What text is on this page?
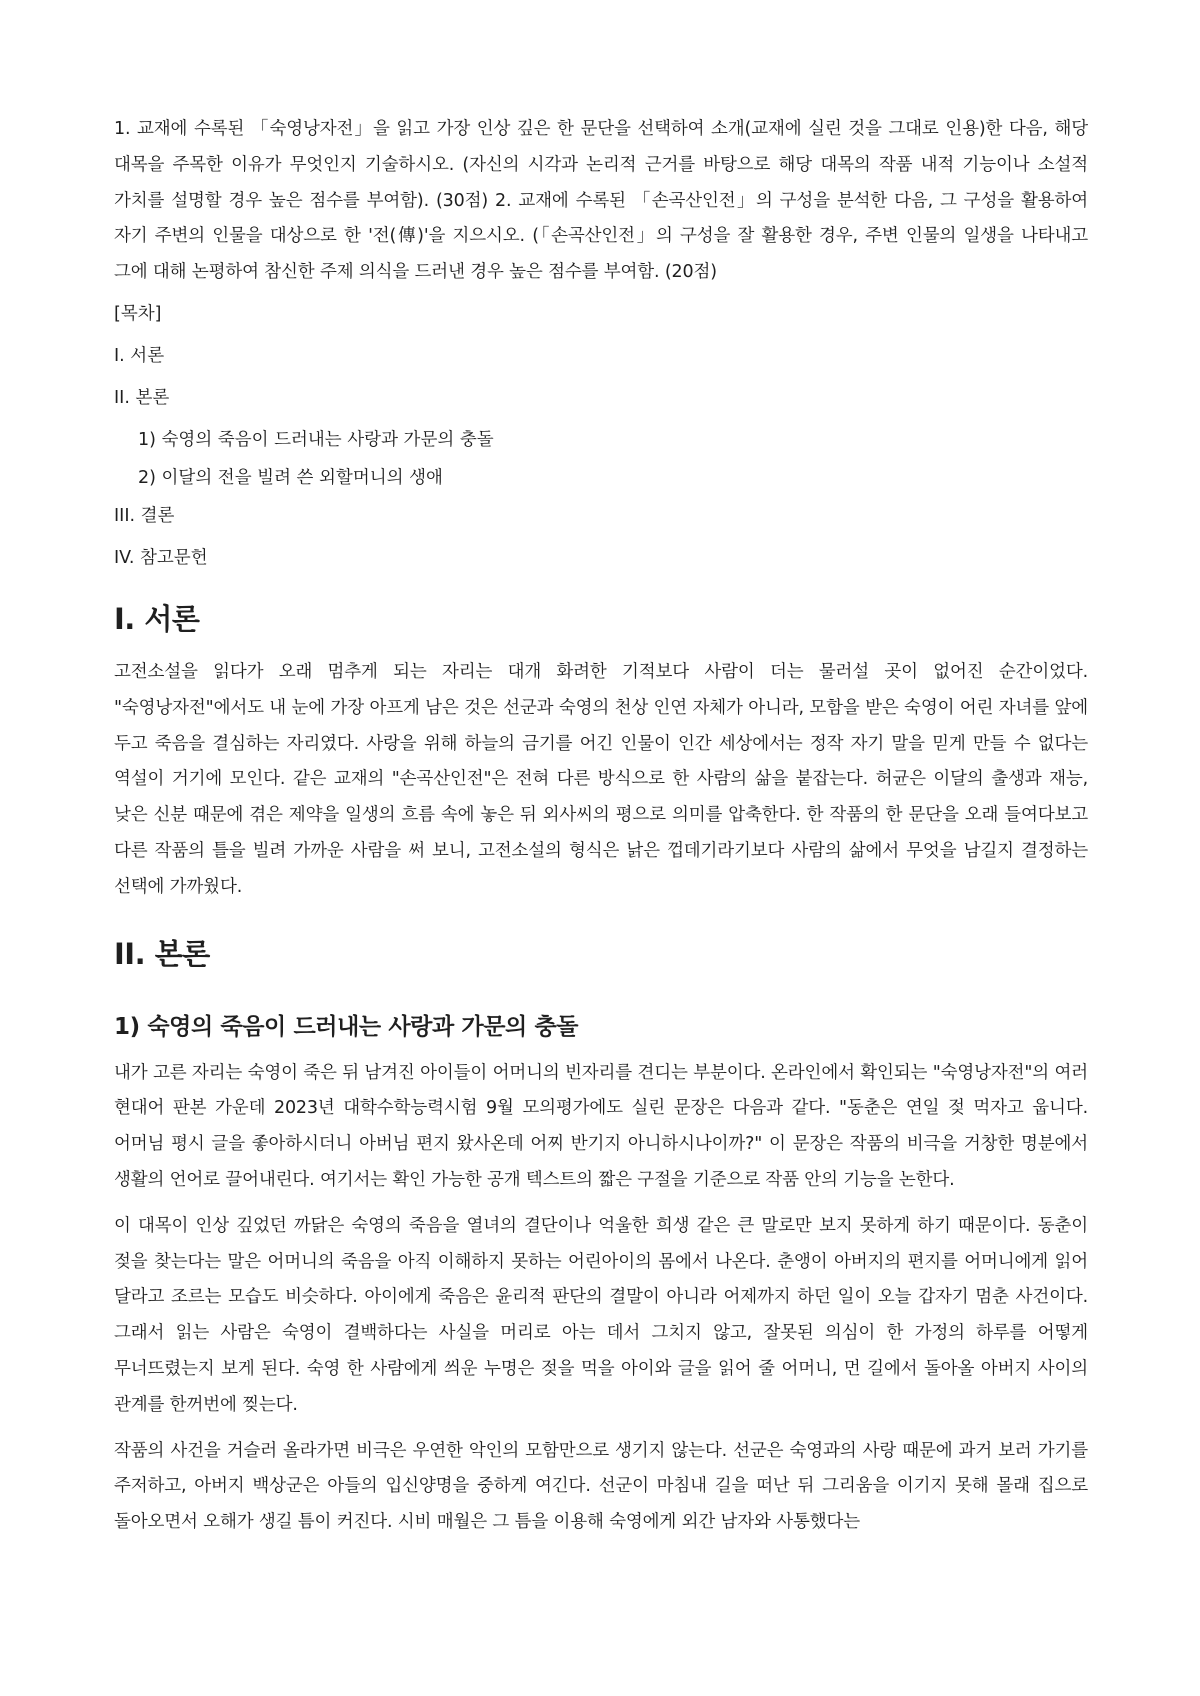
1. 교재에 수록된 「숙영낭자전」을 읽고 가장 인상 깊은 한 문단을 선택하여 소개(교재에 실린 것을 그대로 인용)한 다음, 해당 대목을 주목한 이유가 무엇인지 기술하시오. (자신의 시각과 논리적 근거를 바탕으로 해당 대목의 작품 내적 기능이나 소설적 가치를 설명할 경우 높은 점수를 부여함). (30점) 2. 교재에 수록된 「손곡산인전」의 구성을 분석한 다음, 그 구성을 활용하여 자기 주변의 인물을 대상으로 한 '전(傳)'을 지으시오. (「손곡산인전」의 구성을 잘 활용한 경우, 주변 인물의 일생을 나타내고 그에 대해 논평하여 참신한 주제 의식을 드러낸 경우 높은 점수를 부여함. (20점)

[목차]
I. 서론
II. 본론
1) 숙영의 죽음이 드러내는 사랑과 가문의 충돌
2) 이달의 전을 빌려 쓴 외할머니의 생애
III. 결론
IV. 참고문헌
I. 서론

고전소설을 읽다가 오래 멈추게 되는 자리는 대개 화려한 기적보다 사람이 더는 물러설 곳이 없어진 순간이었다. "숙영낭자전"에서도 내 눈에 가장 아프게 남은 것은 선군과 숙영의 천상 인연 자체가 아니라, 모함을 받은 숙영이 어린 자녀를 앞에 두고 죽음을 결심하는 자리였다. 사랑을 위해 하늘의 금기를 어긴 인물이 인간 세상에서는 정작 자기 말을 믿게 만들 수 없다는 역설이 거기에 모인다. 같은 교재의 "손곡산인전"은 전혀 다른 방식으로 한 사람의 삶을 붙잡는다. 허균은 이달의 출생과 재능, 낮은 신분 때문에 겪은 제약을 일생의 흐름 속에 놓은 뒤 외사씨의 평으로 의미를 압축한다. 한 작품의 한 문단을 오래 들여다보고 다른 작품의 틀을 빌려 가까운 사람을 써 보니, 고전소설의 형식은 낡은 껍데기라기보다 사람의 삶에서 무엇을 남길지 결정하는 선택에 가까웠다.

II. 본론
1) 숙영의 죽음이 드러내는 사랑과 가문의 충돌

내가 고른 자리는 숙영이 죽은 뒤 남겨진 아이들이 어머니의 빈자리를 견디는 부분이다. 온라인에서 확인되는 "숙영낭자전"의 여러 현대어 판본 가운데 2023년 대학수학능력시험 9월 모의평가에도 실린 문장은 다음과 같다. "동춘은 연일 젖 먹자고 웁니다. 어머님 평시 글을 좋아하시더니 아버님 편지 왔사온데 어찌 반기지 아니하시나이까?" 이 문장은 작품의 비극을 거창한 명분에서 생활의 언어로 끌어내린다. 여기서는 확인 가능한 공개 텍스트의 짧은 구절을 기준으로 작품 안의 기능을 논한다.

이 대목이 인상 깊었던 까닭은 숙영의 죽음을 열녀의 결단이나 억울한 희생 같은 큰 말로만 보지 못하게 하기 때문이다. 동춘이 젖을 찾는다는 말은 어머니의 죽음을 아직 이해하지 못하는 어린아이의 몸에서 나온다. 춘앵이 아버지의 편지를 어머니에게 읽어 달라고 조르는 모습도 비슷하다. 아이에게 죽음은 윤리적 판단의 결말이 아니라 어제까지 하던 일이 오늘 갑자기 멈춘 사건이다. 그래서 읽는 사람은 숙영이 결백하다는 사실을 머리로 아는 데서 그치지 않고, 잘못된 의심이 한 가정의 하루를 어떻게 무너뜨렸는지 보게 된다. 숙영 한 사람에게 씌운 누명은 젖을 먹을 아이와 글을 읽어 줄 어머니, 먼 길에서 돌아올 아버지 사이의 관계를 한꺼번에 찢는다.

작품의 사건을 거슬러 올라가면 비극은 우연한 악인의 모함만으로 생기지 않는다. 선군은 숙영과의 사랑 때문에 과거 보러 가기를 주저하고, 아버지 백상군은 아들의 입신양명을 중하게 여긴다. 선군이 마침내 길을 떠난 뒤 그리움을 이기지 못해 몰래 집으로 돌아오면서 오해가 생길 틈이 커진다. 시비 매월은 그 틈을 이용해 숙영에게 외간 남자와 사통했다는
